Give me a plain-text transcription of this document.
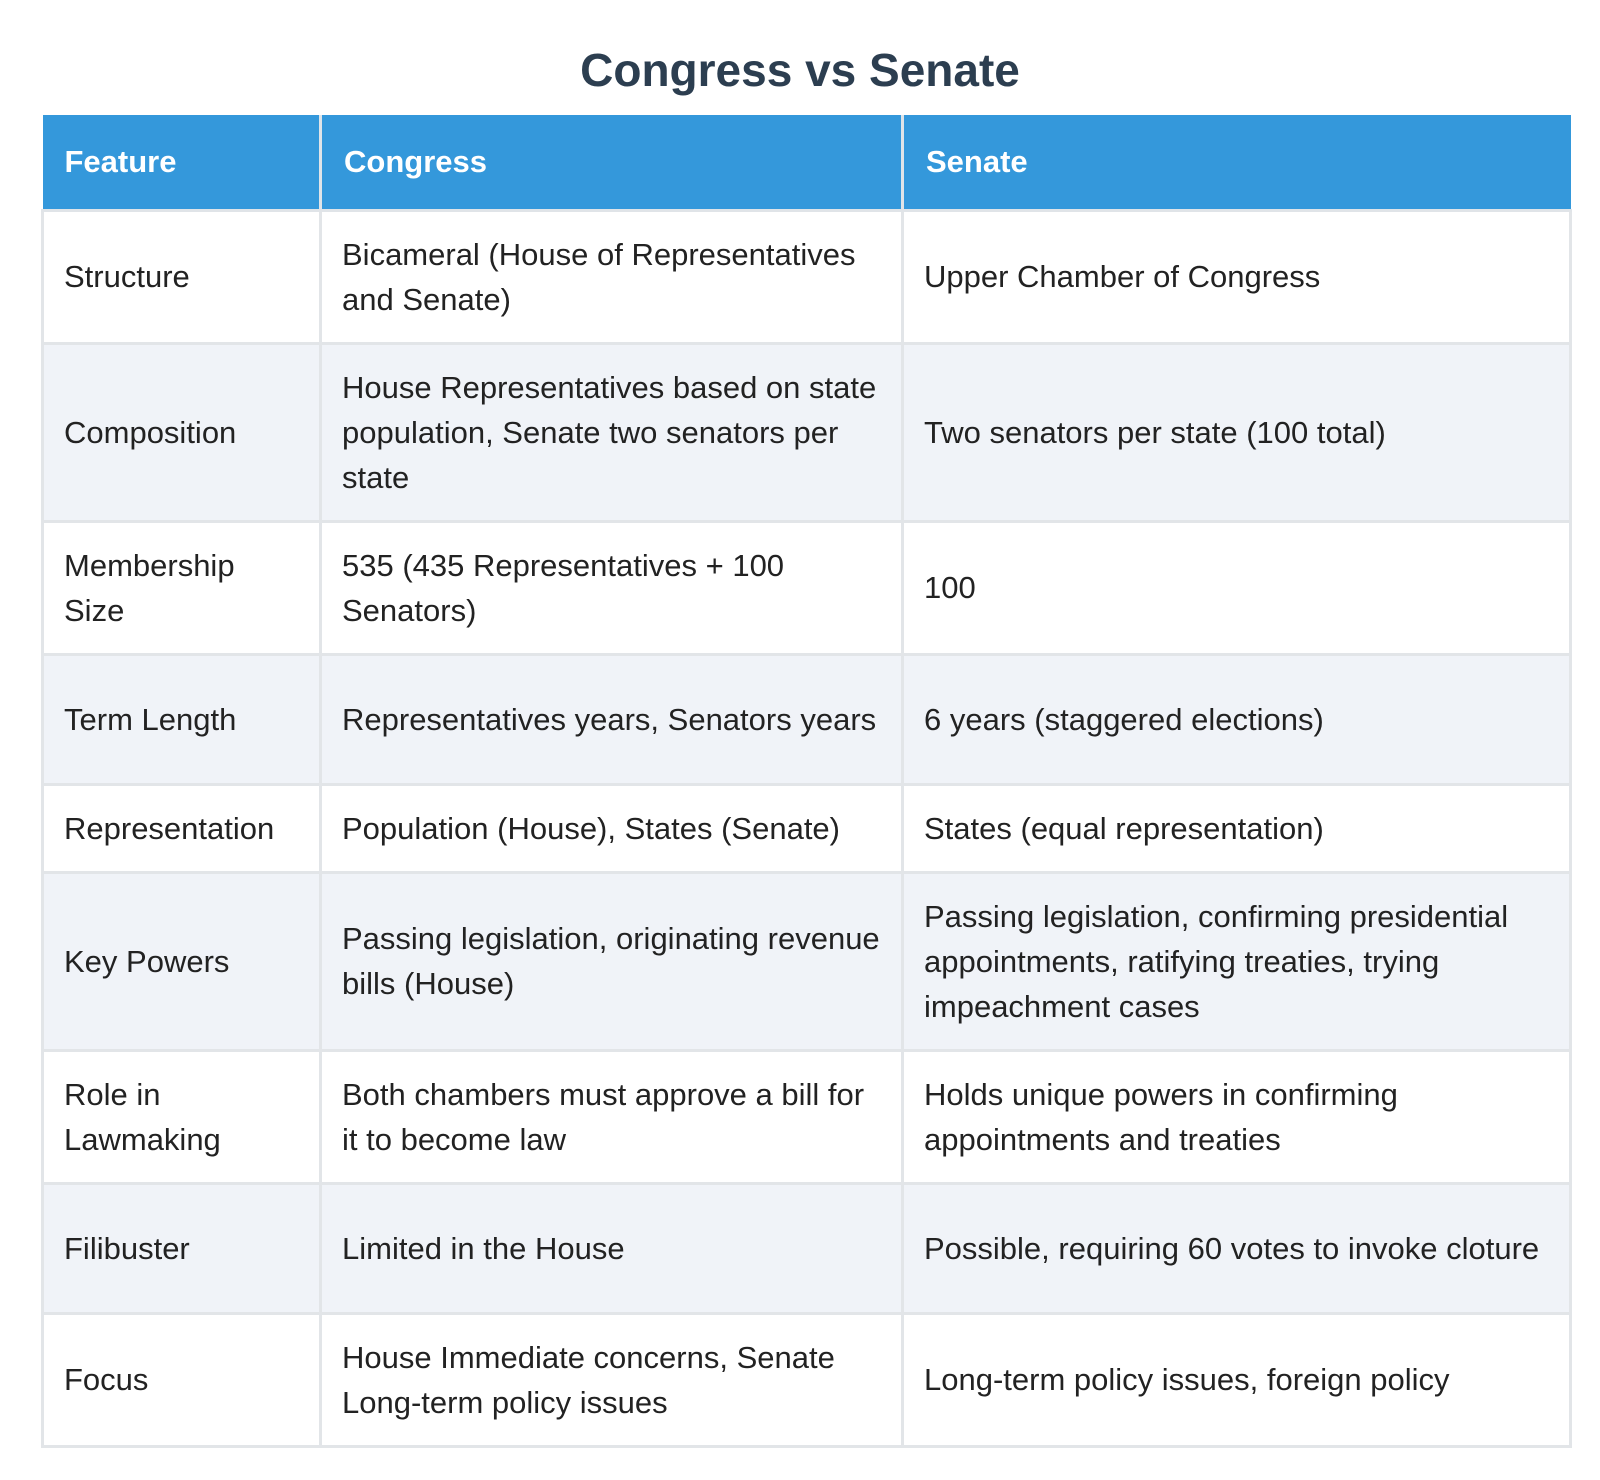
Congress vs Senate
Feature	Congress	Senate
Structure	Bicameral (House of Representatives and Senate)	Upper Chamber of Congress
Composition	House Representatives based on state population, Senate two senators per state	Two senators per state (100 total)
Membership Size	535 (435 Representatives + 100 Senators)	100
Term Length	Representatives years, Senators years	6 years (staggered elections)
Representation	Population (House), States (Senate)	States (equal representation)
Key Powers	Passing legislation, originating revenue bills (House)	Passing legislation, confirming presidential appointments, ratifying treaties, trying impeachment cases
Role in Lawmaking	Both chambers must approve a bill for it to become law	Holds unique powers in confirming appointments and treaties
Filibuster	Limited in the House	Possible, requiring 60 votes to invoke cloture
Focus	House Immediate concerns, Senate Long-term policy issues	Long-term policy issues, foreign policy
